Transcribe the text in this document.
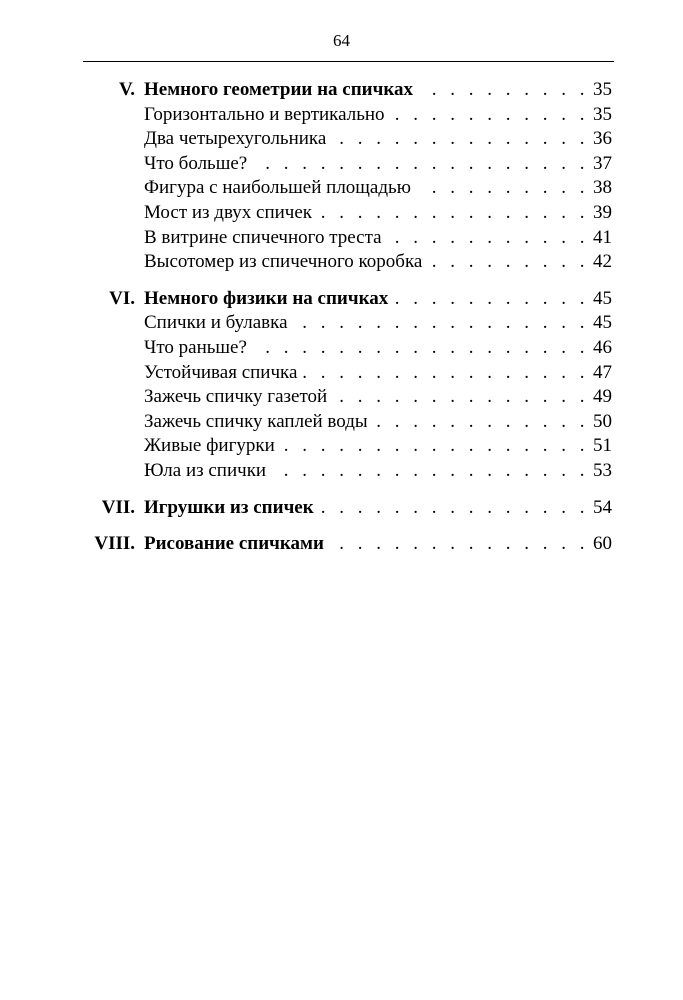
64
V. Немного геометрии на спичках . . .	35
Горизонтально и вертикально . . .	35
Два четырехугольника . . .	36
Что больше? . . .	37
Фигура с наибольшей площадью . . .	38
Мост из двух спичек . . .	39
В витрине спичечного треста . . .	41
Высотомер из спичечного коробка . . .	42
VI. Немного физики на спичках . . .	45
Спички и булавка . . .	45
Что раньше? . . .	46
Устойчивая спичка . . .	47
Зажечь спичку газетой . . .	49
Зажечь спичку каплей воды . . .	50
Живые фигурки . . .	51
Юла из спички . . .	53
VII. Игрушки из спичек . . .	54
VIII. Рисование спичками . . .	60
